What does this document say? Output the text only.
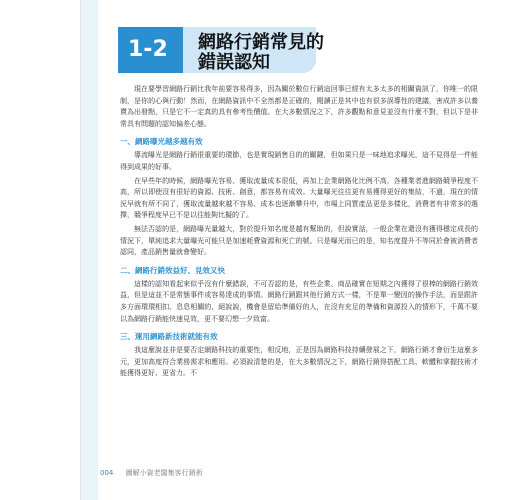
1-2	網路行銷常見的
錯誤認知

現在要學習網路行銷比我年前要容易得多，因為關於數位行銷這回事已經有太多太多的相關資訊了，你唯一的限制，是你的心與行動！然而，在網路資訊中不全然都是正確的，閱讀正是其中也有很多誤導性的建議，害成許多以養賣為出發點，只是它不一定真的具有參考性價值。在大多數情況之下，許多觀點和意見並沒有什麼不對，但以下是非常具有問題的認知偏差心態。

一、網路曝光越多越有效

導流曝光是網路行銷很重要的環節，也是實現銷售目的的關鍵，但如果只是一味地追求曝光，這不見得是一件能得到成果的好事。

在早些年的時候，網路曝光容易、獲取流量成本很低，再加上企業網路化比例不高，各種業者進網路競爭程度不高，所以即使沒有很好的資源、技術、創意，都容易有成效。大量曝光往往更有易獲得更好的集結，不過，現在的情況早就有所不同了，獲取流量越來越不容易、成本也逐漸攀升中，市場上同質產品更是多樣化，消費者有非常多的選擇，競爭程度早已不是以往能夠比擬的了。

無法否認的是，網路曝光量越大，對於提升知名度是越有幫助的，但說實話，一般企業在還沒有獲得穩定成長的情況下，單純追求大量曝光可能只是加速耗費資源和死亡的號。只是曝光而已的是，知名度提升不等同於會被消費者認同，產品銷售量就會變好。

二、網路行銷效益好、見效又快

這樣的認知看起來似乎沒有什麼錯誤，不可否認的是，有些企業、商品確實在短期之內獲得了很棒的網路行銷效益，但是這並不是常態事件或容易達成的事情。網路行銷跟其他行銷方式一樣，不是單一變因的操作手法，而是跟許多方面環環相扣、息息相關的，絕說說，機會是留給準備好的人，在沒有充足的準備和資源投入的情形下，千萬不要以為網路行銷能快速見效，更不要幻想一夕致富。

三、運用網路新技術就能有效

我這麼說並非是要否定網路科技的重要性，相反地，正是因為網路科技持續發展之下，網路行銷才會衍生這麼多元，更加高度符合業務需求和應用。必須說清楚的是，在大多數情況之下，網路行銷得搭配工具、軟體和掌握技術才能獲得更好、更省力。不

004 圖解小資老闆集客行銷術
